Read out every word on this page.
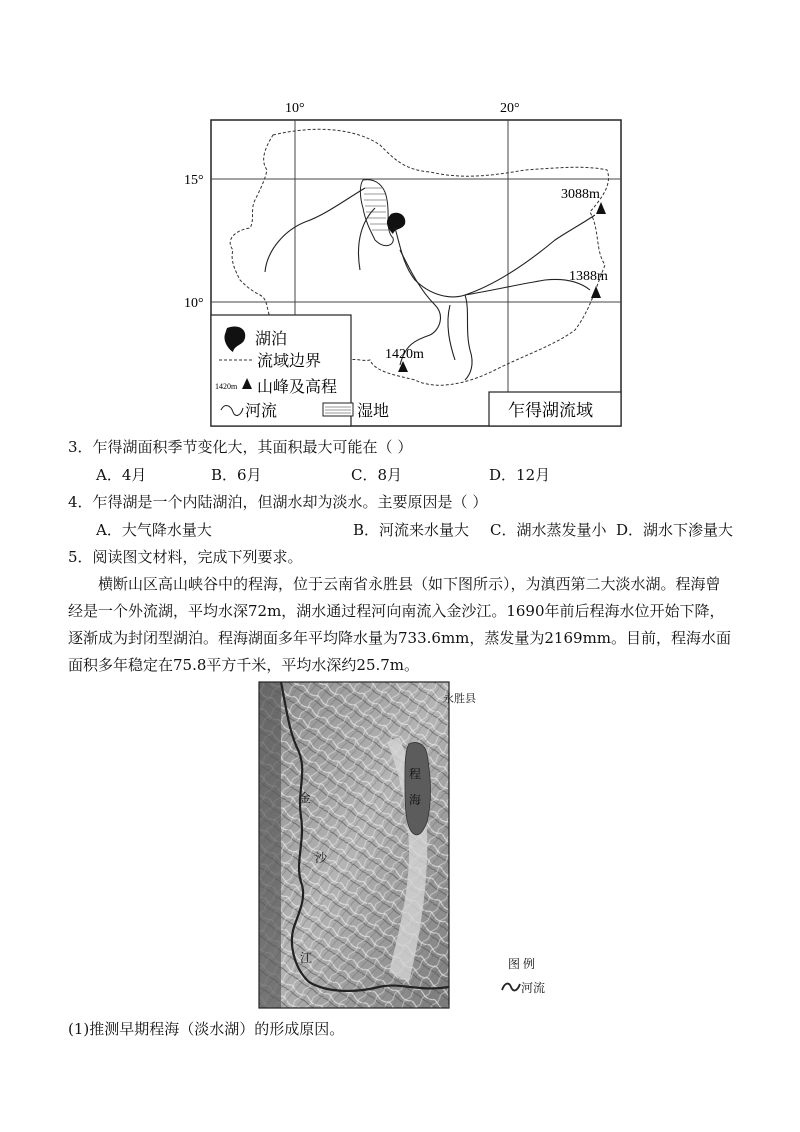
10°	20°
15°
10°
3088m
1388m
1420m
湖泊
流域边界
1420m 山峰及高程
河流	湿地	乍得湖流域
3．乍得湖面积季节变化大，其面积最大可能在（ ）
A．4月	B．6月	C．8月	D．12月
4．乍得湖是一个内陆湖泊，但湖水却为淡水。主要原因是（ ）
A．大气降水量大	B．河流来水量大 C．湖水蒸发量小 D．湖水下渗量大
5．阅读图文材料，完成下列要求。
横断山区高山峡谷中的程海，位于云南省永胜县（如下图所示），为滇西第二大淡水湖。程海曾经是一个外流湖，平均水深72m，湖水通过程河向南流入金沙江。1690年前后程海水位开始下降，逐渐成为封闭型湖泊。程海湖面多年平均降水量为733.6mm，蒸发量为2169mm。目前，程海水面面积多年稳定在75.8平方千米，平均水深约25.7m。
永胜县
程
海
金
沙
江	图 例
河流
(1)推测早期程海（淡水湖）的形成原因。
